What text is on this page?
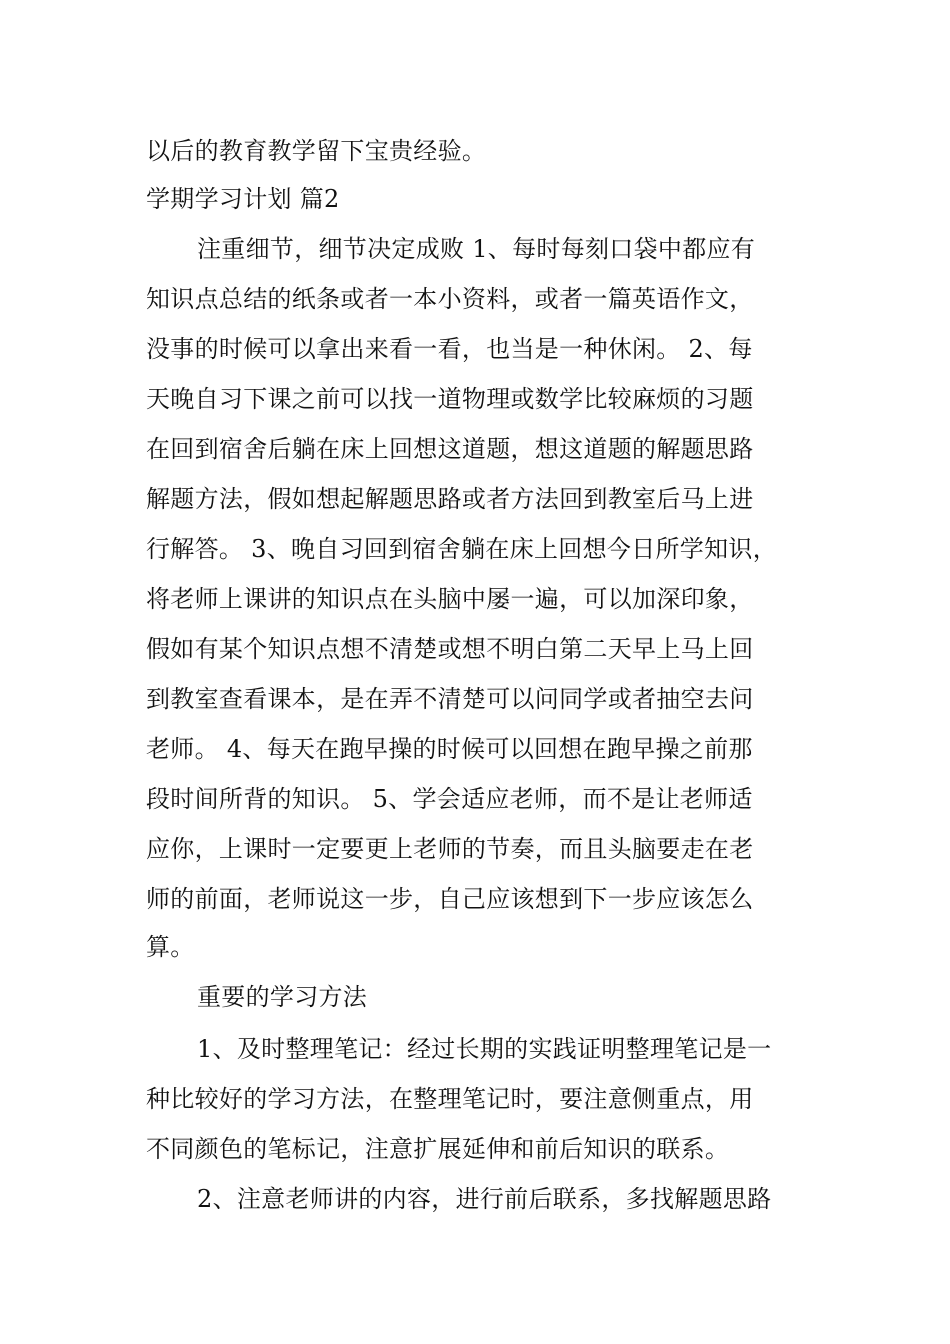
以后的教育教学留下宝贵经验。
学期学习计划 篇2
注重细节，细节决定成败 1、每时每刻口袋中都应有
知识点总结的纸条或者一本小资料，或者一篇英语作文，
没事的时候可以拿出来看一看，也当是一种休闲。 2、每
天晚自习下课之前可以找一道物理或数学比较麻烦的习题
在回到宿舍后躺在床上回想这道题，想这道题的解题思路
解题方法，假如想起解题思路或者方法回到教室后马上进
行解答。 3、晚自习回到宿舍躺在床上回想今日所学知识，
将老师上课讲的知识点在头脑中屡一遍，可以加深印象，
假如有某个知识点想不清楚或想不明白第二天早上马上回
到教室查看课本，是在弄不清楚可以问同学或者抽空去问
老师。 4、每天在跑早操的时候可以回想在跑早操之前那
段时间所背的知识。 5、学会适应老师，而不是让老师适
应你，上课时一定要更上老师的节奏，而且头脑要走在老
师的前面，老师说这一步，自己应该想到下一步应该怎么
算。
重要的学习方法
1、及时整理笔记：经过长期的实践证明整理笔记是一
种比较好的学习方法，在整理笔记时，要注意侧重点，用
不同颜色的笔标记，注意扩展延伸和前后知识的联系。
2、注意老师讲的内容，进行前后联系，多找解题思路
